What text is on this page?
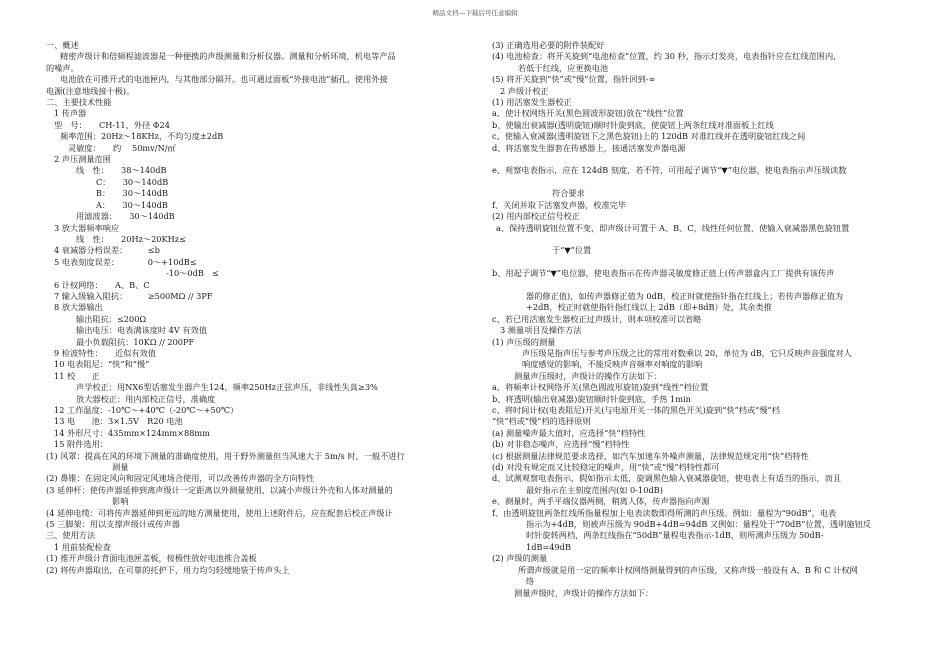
精品文档---下载后可任意编辑
一、概述
精密声级计和倍频程滤波器是一种便携的声级测量和分析仪器。测量和分析环境，机电等产品
的噪声。
电池放在可推开式的电池匣内，与其他部分隔开。也可通过面板“外接电池”插孔，使用外接
电源(注意地线接十极)。
二、主要技术性能
1 传声器
型　号：　　CH-11，外径 Φ24
频率范围：20Hz～18KHz，不均匀度±2dB
灵敏度：　　约　 50mv/N/㎡
2 声压测量范围
线　性：　　38～140dB
C：　　30～140dB
B：　　30～140dB
A：　　30～140dB
用滤波器：　　30～140dB
3 放大器频率响应
线　性：　　20Hz～20KHz≤
4 衰减器分档误差：　　　≤b
5 电表刻度误差：　　　　0～+10dB≤
-10～0dB　≤
6 计权网络：　　A、B、C
7 输入级输入阻抗：　　　≥500MΩ // 3PF
8 放大器输出
输出阻抗：≤200Ω
输出电压：电表满该度时 4V 有效值
最小负载阻抗：10KΩ // 200PF
9 检波特性：　　近似有效值
10 电表阻尼：“快”和“慢”
11 校　　正
声学校正：用NX6型话塞发生器产生124，频率250Hz正弦声压，非线性失真≥3%
放大器校正：用内部校正信号，准确度
12 工作温度：-10℃～+40℃（-20℃～+50℃）
13 电　　池：3×1.5V　R20 电池
14 外形尺寸：435mm×124mm×88mm
15 附件选用：
(1) 风罩：提高在风的环境下测量的准确度使用，用于野外测量但当风速大于 5m/s 时，一般不进行
测量
(2) 鼻锥：在固定风向和固定风速场合使用，可以改善传声器的全方向特性
(3 延伸杆：使传声器延伸到离声级计一定距离以外测量使用，以减小声级计外壳和人体对测量的
影响
(4 延伸电缆：可将传声器延伸到更远的地方测量使用，使用上述附件后，应在配套后校正声级计
(5 三脚架：用以支撑声级计或传声器
三、使用方法
1 用前装配检查
(1) 推开声级计背面电池匣盖板，按极性放好电池推合盖板
(2) 将传声器取出，在可靠的托护下，用力均匀轻缓地装于传声头上
(3) 正确选用必要的附件装配好
(4) 电池检查：将开关旋到“电池检查”位置，约 30 秒，指示灯发亮，电表指针应在红线范围内，
若低于红线，应更换电池
(5) 将开关旋到“快”或“慢”位置，指针回到-∞
2 声级计校正
(1) 用活塞发生器校正
a、使计权网络开关(黑色圆波形旋钮)放在“线性”位置
b、使输出衰减器(透明旋钮)顺时针旋到底，使旋钮上两条红线对准面板上红线
c、使输入衰减器(透明旋钮下之黑色旋钮)上的 120dB 对准红线并在透明旋钮红线之间
d、将活塞发生器套在传感器上，接通活塞发声器电源

e、观察电表指示，应在 124dB 刻度，若不符，可用起子调节“▼”电位器，使电表指示声压级读数

符合要求
f、关闭并取下活塞发声器，校准完毕
(2) 用内部校正信号校正
a、保持透明旋钮位置不变，即声级计可置于 A、B、C，线性任何位置，使输入衰减器黑色旋钮置

于“▼”位置

b、用起子调节“▼”电位器，使电表指示在传声器灵敏度修正值上(传声器盒内工厂提供有该传声

器的修正值)，如传声器修正值为 0dB，校正时就使指针指在红线上；若传声器修正值为
+2dB，校正时就使指针指红线以上 2dB（即+8dB）处，其余类推
c、若已用活塞发生器校正过声级计，则本项校准可以省略
3 测量项目及操作方法
(1) 声压级的测量
声压级是指声压与参考声压级之比的常用对数乘以 20，单位为 dB，它只反映声音强度对人
响度感觉的影响，不能反映声音频率对响度的影响
测量声压级时，声级计的操作方法如下：
a、将频率计权网络开关(黑色圆波形旋钮)旋到“线性”档位置
b、将透明(输出衰减器)旋钮顺时针旋到底，手热 1min
c、将时间计权(电表阻尼)开关(与电原开关一体的黑色开关)旋到“快”档或“慢”档
“快”档或“慢”档的选择原则
(a) 测量噪声最大值时，应选择“快”档特性
(b) 对非稳态噪声，应选择“慢”档特性
(c) 根据测量法律规范要求选择，如汽车加速车外噪声测量，法律规范规定用“快”档特性
(d) 对没有规定而又比较稳定的噪声，用“快”或“慢”档特性都可
d、试测观察电表指示，假如指示太低，旋调黑色输入衰减器旋钮，使电表上有适当的指示，而且
最好指示在主刻度范围内(如 0-10dB)
e、测量时，两手平端仪器两侧，稍离人体，传声器指向声源
f、由透明旋钮两条红线所指量程加上电表读数即得所测的声压级。例如：量程为“90dB”，电表
指示为+4dB，则被声压级为 90dB+4dB=94dB 又例如：量程处于“70dB”位置，透明施钮反
时针旋转两档，两条红线指在“50dB”量程电表指示-1dB，则所测声压级为 50dB-
1dB=49dB
(2) 声级的测量
所谓声级就是用一定的频率计权网络测量得到的声压级，又称声级一般设有 A、B 和 C 计权网
络
测量声级时，声级计的操作方法如下：
